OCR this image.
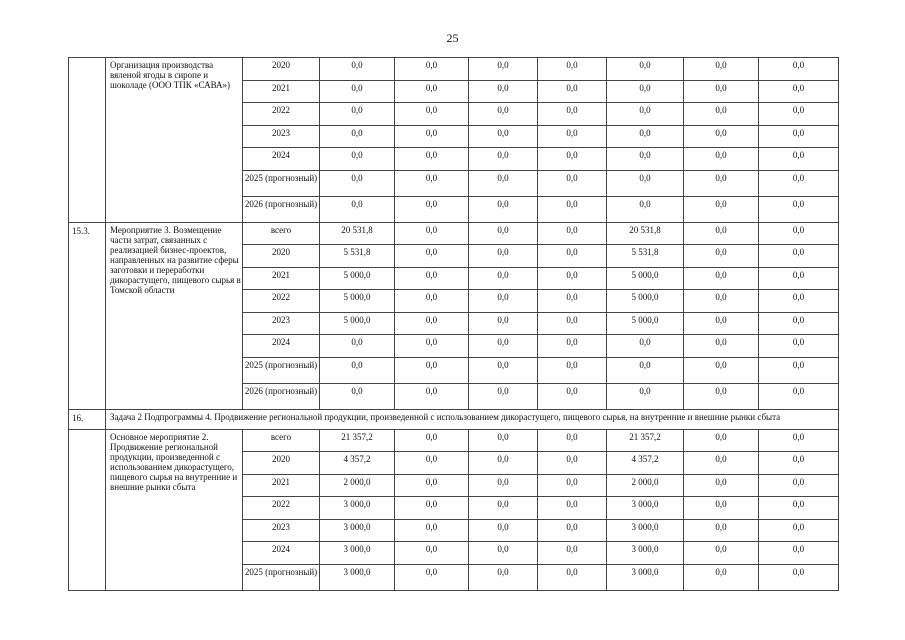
25
	Организация производства вяленой ягоды в сиропе и шоколаде (ООО ТПК «САВА»)	2020	0,0	0,0	0,0	0,0	0,0	0,0	0,0
		2021	0,0	0,0	0,0	0,0	0,0	0,0	0,0
		2022	0,0	0,0	0,0	0,0	0,0	0,0	0,0
		2023	0,0	0,0	0,0	0,0	0,0	0,0	0,0
		2024	0,0	0,0	0,0	0,0	0,0	0,0	0,0
		2025 (прогнозный)	0,0	0,0	0,0	0,0	0,0	0,0	0,0
		2026 (прогнозный)	0,0	0,0	0,0	0,0	0,0	0,0	0,0
15.3.	Мероприятие 3. Возмещение части затрат, связанных с реализацией бизнес-проектов, направленных на развитие сферы заготовки и переработки дикорастущего, пищевого сырья в Томской области	всего	20 531,8	0,0	0,0	0,0	20 531,8	0,0	0,0
		2020	5 531,8	0,0	0,0	0,0	5 531,8	0,0	0,0
		2021	5 000,0	0,0	0,0	0,0	5 000,0	0,0	0,0
		2022	5 000,0	0,0	0,0	0,0	5 000,0	0,0	0,0
		2023	5 000,0	0,0	0,0	0,0	5 000,0	0,0	0,0
		2024	0,0	0,0	0,0	0,0	0,0	0,0	0,0
		2025 (прогнозный)	0,0	0,0	0,0	0,0	0,0	0,0	0,0
		2026 (прогнозный)	0,0	0,0	0,0	0,0	0,0	0,0	0,0
16.	Задача 2 Подпрограммы 4. Продвижение региональной продукции, произведенной с использованием дикорастущего, пищевого сырья, на внутренние и внешние рынки сбыта								
	Основное мероприятие 2. Продвижение региональной продукции, произведенной с использованием дикорастущего, пищевого сырья на внутренние и внешние рынки сбыта	всего	21 357,2	0,0	0,0	0,0	21 357,2	0,0	0,0
		2020	4 357,2	0,0	0,0	0,0	4 357,2	0,0	0,0
		2021	2 000,0	0,0	0,0	0,0	2 000,0	0,0	0,0
		2022	3 000,0	0,0	0,0	0,0	3 000,0	0,0	0,0
		2023	3 000,0	0,0	0,0	0,0	3 000,0	0,0	0,0
		2024	3 000,0	0,0	0,0	0,0	3 000,0	0,0	0,0
		2025 (прогнозный)	3 000,0	0,0	0,0	0,0	3 000,0	0,0	0,0
